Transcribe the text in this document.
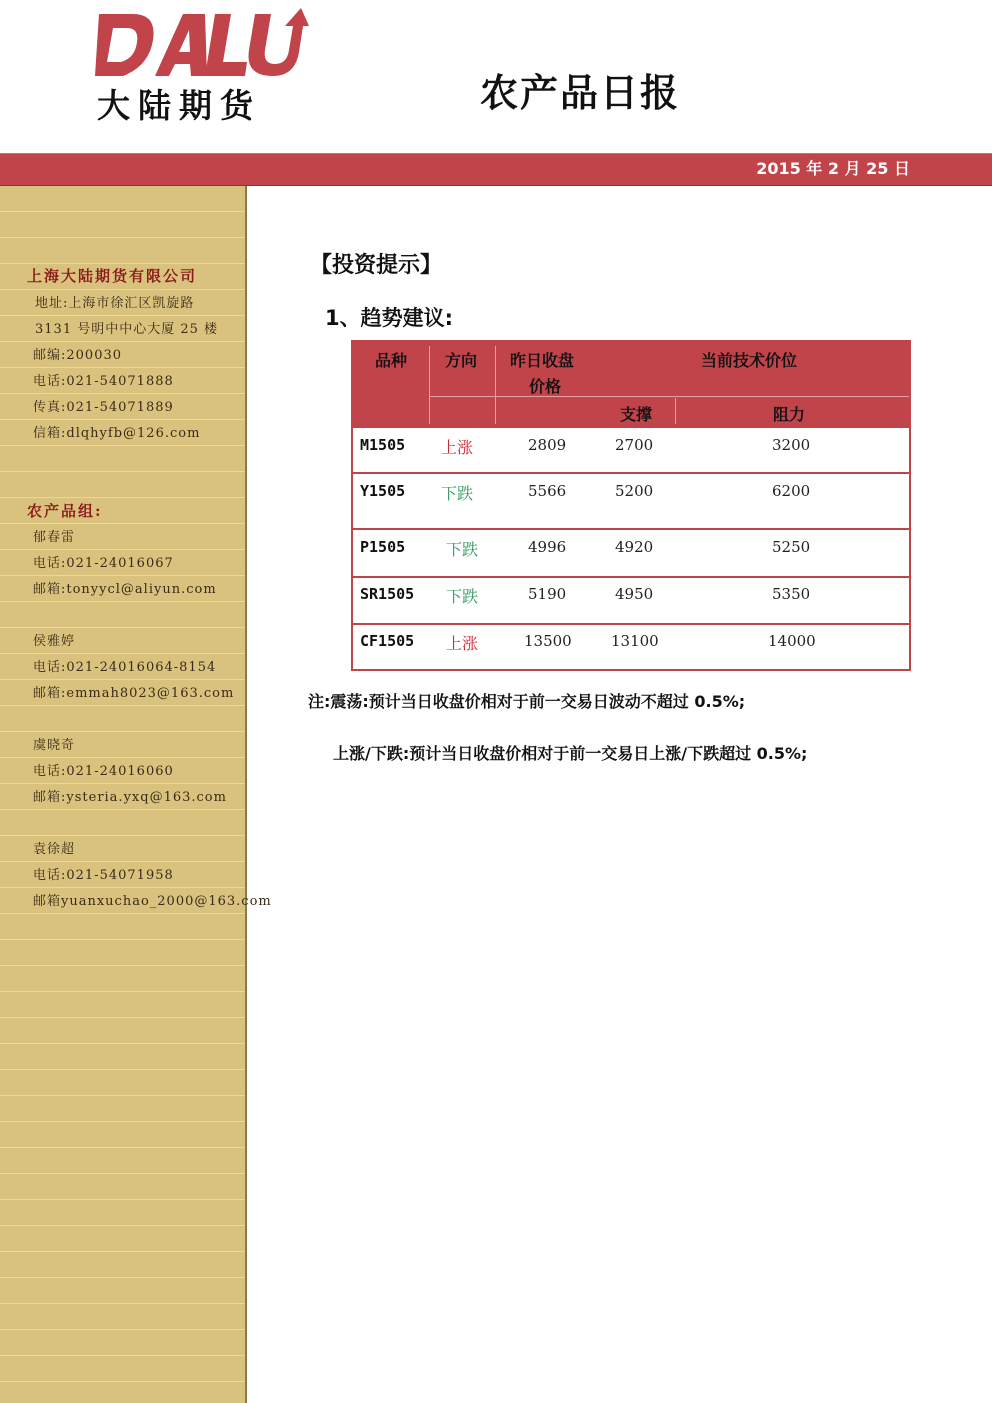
大陆期货	农产品日报
2015 年 2 月 25 日
上海大陆期货有限公司
地址:上海市徐汇区凯旋路
3131 号明中中心大厦 25 楼
邮编:200030
电话:021-54071888
传真:021-54071889
信箱:dlqhyfb@126.com
农产品组:
郁春雷
电话:021-24016067
邮箱:tonyycl@aliyun.com
侯雅婷
电话:021-24016064-8154
邮箱:emmah8023@163.com
虞晓奇
电话:021-24016060
邮箱:ysteria.yxq@163.com
袁徐超
电话:021-54071958
邮箱yuanxuchao_2000@163.com
【投资提示】
1、趋势建议:
品种 方向 昨日收盘
价格
当前技术价位
支撑	阻力
M1505 上涨	2809	2700	3200
Y1505 下跌	5566	5200	6200
P1505	下跌	4996	4920	5250
SR1505 下跌	5190	4950	5350
CF1505 上涨	13500	13100	14000
注:震荡:预计当日收盘价相对于前一交易日波动不超过 0.5%;
上涨/下跌:预计当日收盘价相对于前一交易日上涨/下跌超过 0.5%;
